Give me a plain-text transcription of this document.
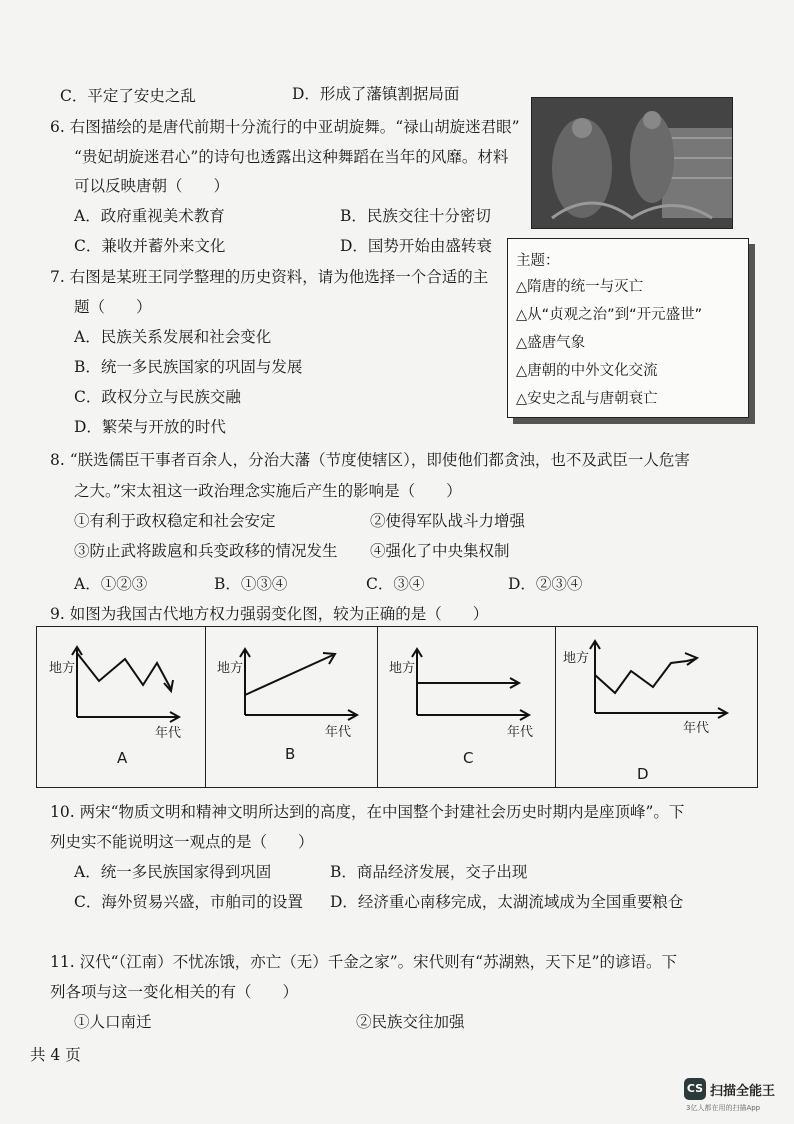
C．平定了安史之乱	D．形成了藩镇割据局面
6. 右图描绘的是唐代前期十分流行的中亚胡旋舞。“禄山胡旋迷君眼”
“贵妃胡旋迷君心”的诗句也透露出这种舞蹈在当年的风靡。材料
可以反映唐朝（　　）
A．政府重视美术教育	B．民族交往十分密切
C．兼收并蓄外来文化	D．国势开始由盛转衰
7. 右图是某班王同学整理的历史资料，请为他选择一个合适的主
题（　　）
A．民族关系发展和社会变化
B．统一多民族国家的巩固与发展
C．政权分立与民族交融
D．繁荣与开放的时代
主题：
△隋唐的统一与灭亡
△从“贞观之治”到“开元盛世”
△盛唐气象
△唐朝的中外文化交流
△安史之乱与唐朝衰亡
8. “朕选儒臣干事者百余人，分治大藩（节度使辖区），即使他们都贪浊，也不及武臣一人危害
之大。”宋太祖这一政治理念实施后产生的影响是（　　）
①有利于政权稳定和社会安定	②使得军队战斗力增强
③防止武将跋扈和兵变政移的情况发生 ④强化了中央集权制
A．①②③	B．①③④	C．③④	D．②③④
9. 如图为我国古代地方权力强弱变化图，较为正确的是（　　）
地方
年代
A
地方
年代
B
地方
年代
C
地方
年代
D
10. 两宋“物质文明和精神文明所达到的高度，在中国整个封建社会历史时期内是座顶峰”。下
列史实不能说明这一观点的是（　　）
A．统一多民族国家得到巩固	B．商品经济发展，交子出现
C．海外贸易兴盛，市舶司的设置 D．经济重心南移完成，太湖流域成为全国重要粮仓
11. 汉代“（江南）不忧冻饿，亦亡（无）千金之家”。宋代则有“苏湖熟，天下足”的谚语。下
列各项与这一变化相关的有（　　）
①人口南迁	②民族交往加强
共 4 页
CS 扫描全能王
3亿人都在用的扫描App
